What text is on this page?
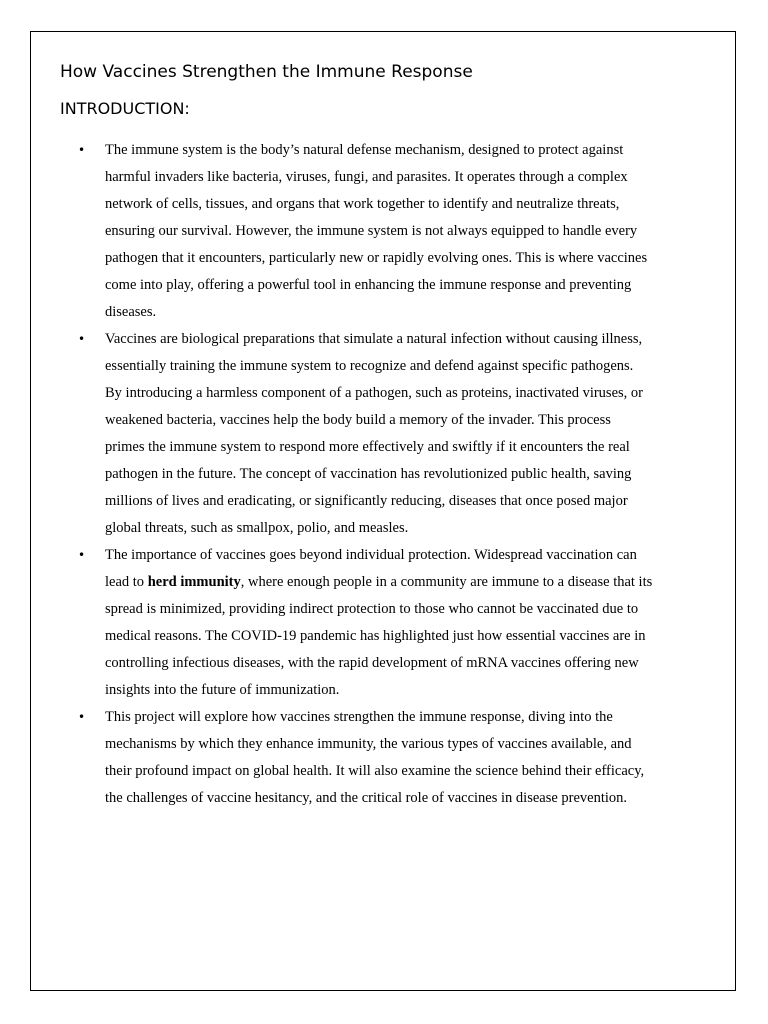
How Vaccines Strengthen the Immune Response
INTRODUCTION:
• The immune system is the body’s natural defense mechanism, designed to protect against harmful invaders like bacteria, viruses, fungi, and parasites. It operates through a complex network of cells, tissues, and organs that work together to identify and neutralize threats, ensuring our survival. However, the immune system is not always equipped to handle every pathogen that it encounters, particularly new or rapidly evolving ones. This is where vaccines come into play, offering a powerful tool in enhancing the immune response and preventing diseases.
• Vaccines are biological preparations that simulate a natural infection without causing illness, essentially training the immune system to recognize and defend against specific pathogens. By introducing a harmless component of a pathogen, such as proteins, inactivated viruses, or weakened bacteria, vaccines help the body build a memory of the invader. This process primes the immune system to respond more effectively and swiftly if it encounters the real pathogen in the future. The concept of vaccination has revolutionized public health, saving millions of lives and eradicating, or significantly reducing, diseases that once posed major global threats, such as smallpox, polio, and measles.
• The importance of vaccines goes beyond individual protection. Widespread vaccination can lead to herd immunity, where enough people in a community are immune to a disease that its spread is minimized, providing indirect protection to those who cannot be vaccinated due to medical reasons. The COVID-19 pandemic has highlighted just how essential vaccines are in controlling infectious diseases, with the rapid development of mRNA vaccines offering new insights into the future of immunization.
• This project will explore how vaccines strengthen the immune response, diving into the mechanisms by which they enhance immunity, the various types of vaccines available, and their profound impact on global health. It will also examine the science behind their efficacy, the challenges of vaccine hesitancy, and the critical role of vaccines in disease prevention.
